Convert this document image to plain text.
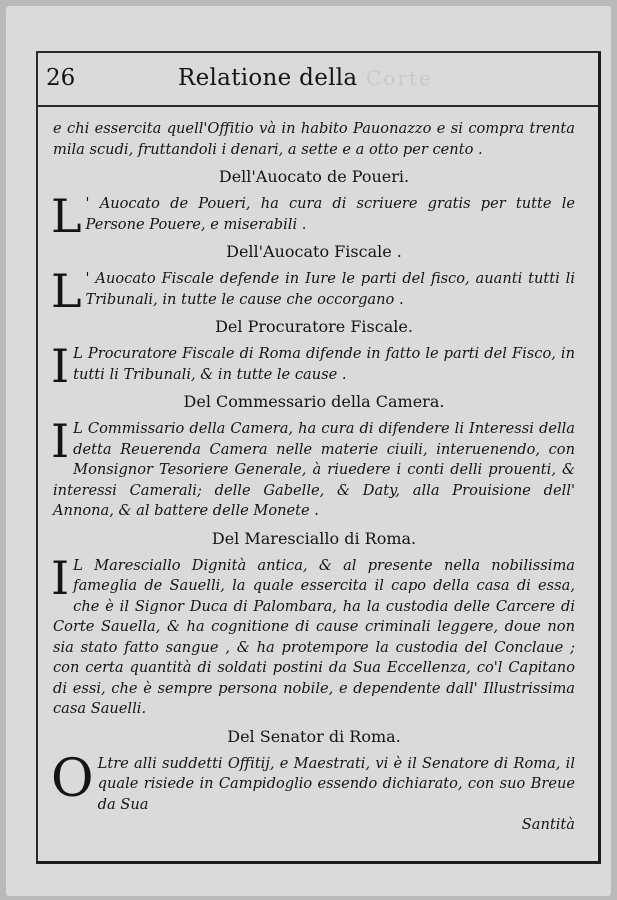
Corte
26	Relatione della

e chi essercita quell'Offitio và in habito Pauonazzo e si compra trenta mila scudi, fruttandoli i denari, a sette e a otto per cento .

Dell'Auocato de Poueri.

L ' Auocato de Poueri, ha cura di scriuere gratis per tutte le Persone Pouere, e miserabili .

Dell'Auocato Fiscale .

L ' Auocato Fiscale defende in Iure le parti del fisco, auanti tutti li Tribunali, in tutte le cause che occorgano .

Del Procuratore Fiscale.

I L Procuratore Fiscale di Roma difende in fatto le parti del Fisco, in tutti li Tribunali, & in tutte le cause .

Del Commessario della Camera.

I L Commissario della Camera, ha cura di difendere li Interessi della detta Reuerenda Camera nelle materie ciuili, interuenendo, con Monsignor Tesoriere Generale, à riuedere i conti delli prouenti, & interessi Camerali; delle Gabelle, & Daty, alla Prouisione dell' Annona, & al battere delle Monete .

Del Maresciallo di Roma.

I L Maresciallo Dignità antica, & al presente nella nobilissima fameglia de Sauelli, la quale essercita il capo della casa di essa, che è il Signor Duca di Palombara, ha la custodia delle Carcere di Corte Sauella, & ha cognitione di cause criminali leggere, doue non sia stato fatto sangue , & ha protempore la custodia del Conclaue ; con certa quantità di soldati postini da Sua Eccellenza, co'l Capitano di essi, che è sempre persona nobile, e dependente dall' Illustrissima casa Sauelli.

Del Senator di Roma.

O Ltre alli suddetti Offitij, e Maestrati, vi è il Senatore di Roma, il quale risiede in Campidoglio essendo dichiarato, con suo Breue da Sua

Santità
